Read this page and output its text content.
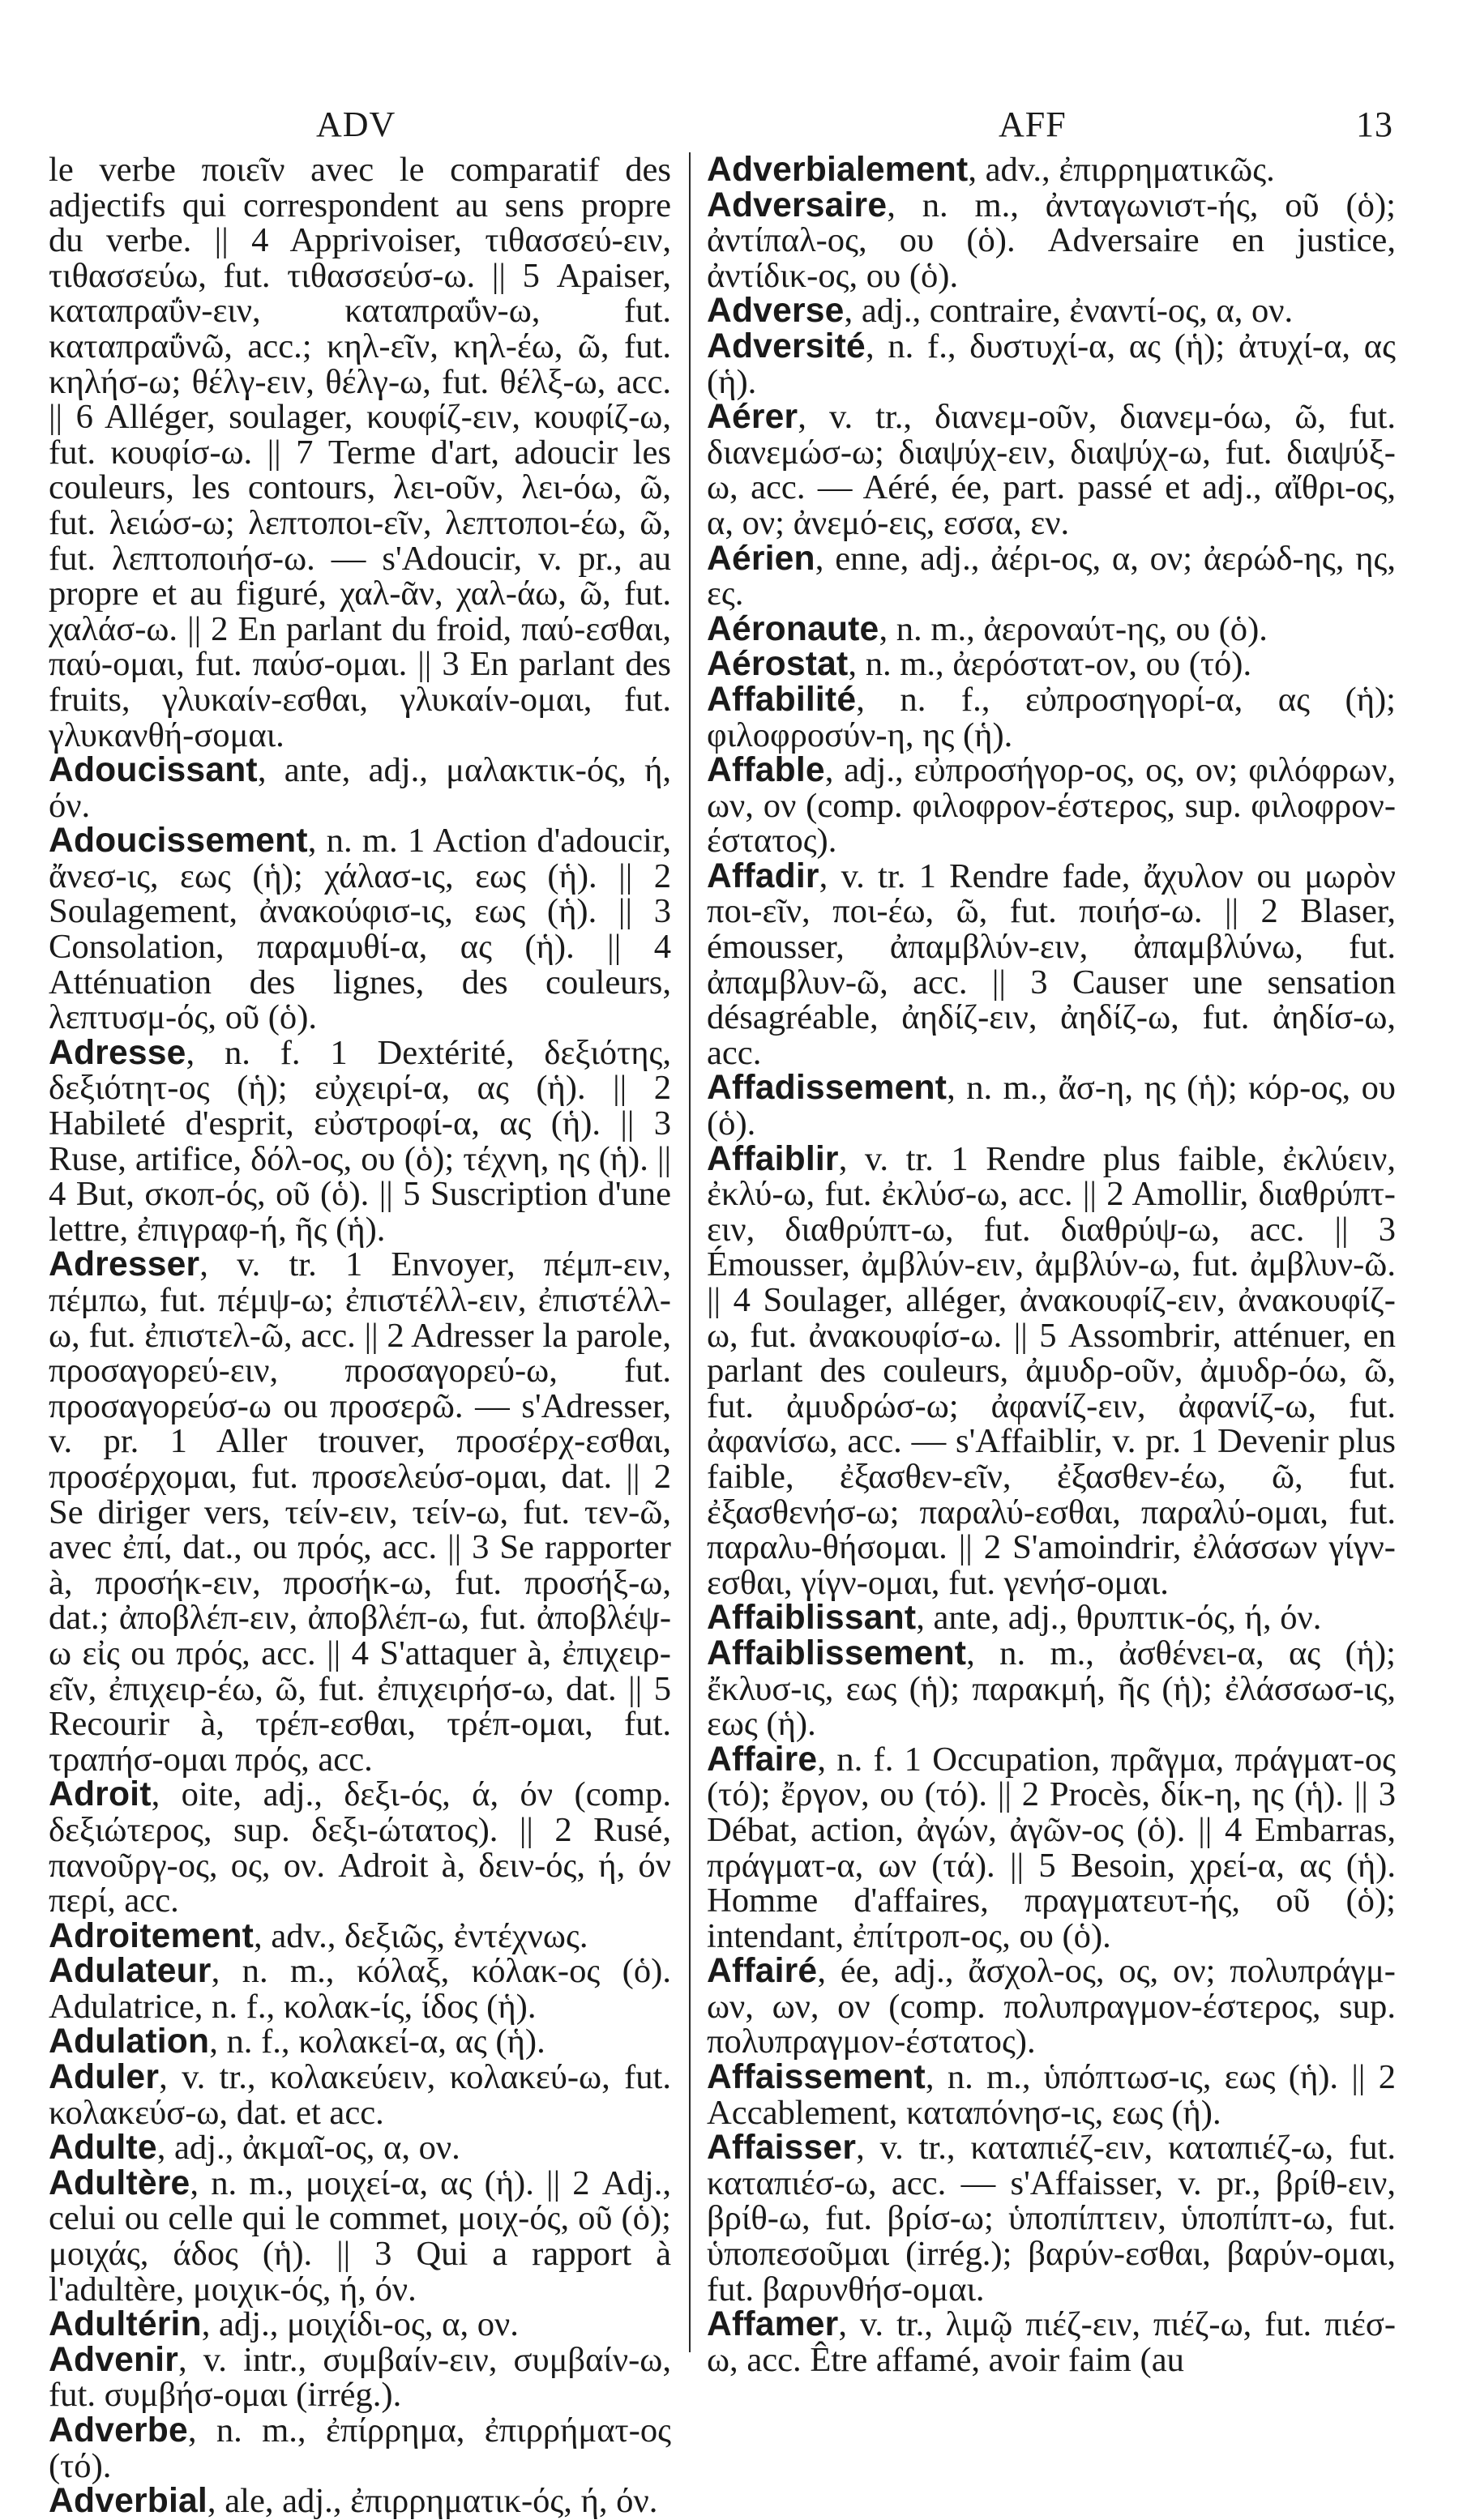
ADV	AFF	13

le verbe ποιεῖν avec le comparatif des adjectifs qui correspondent au sens propre du verbe. || 4 Apprivoiser, τιθασσεύ-ειν, τιθασσεύω, fut. τιθασσεύσ-ω. || 5 Apaiser, καταπραΰν-ειν, καταπραΰν-ω, fut. καταπραΰνῶ, acc.; κηλ-εῖν, κηλ-έω, ῶ, fut. κηλήσ-ω; θέλγ-ειν, θέλγ-ω, fut. θέλξ-ω, acc. || 6 Alléger, soulager, κουφίζ-ειν, κουφίζ-ω, fut. κουφίσ-ω. || 7 Terme d'art, adoucir les couleurs, les contours, λει-οῦν, λει-όω, ῶ, fut. λειώσ-ω; λεπτοποι-εῖν, λεπτοποι-έω, ῶ, fut. λεπτοποιήσ-ω. — s'Adoucir, v. pr., au propre et au figuré, χαλ-ᾶν, χαλ-άω, ῶ, fut. χαλάσ-ω. || 2 En parlant du froid, παύ-εσθαι, παύ-ομαι, fut. παύσ-ομαι. || 3 En parlant des fruits, γλυκαίν-εσθαι, γλυκαίν-ομαι, fut. γλυκανθή-σομαι.

Adoucissant, ante, adj., μαλακτικ-ός, ή, όν.

Adoucissement, n. m. 1 Action d'adoucir, ἄνεσ-ις, εως (ἡ); χάλασ-ις, εως (ἡ). || 2 Soulagement, ἀνακούφισ-ις, εως (ἡ). || 3 Consolation, παραμυθί-α, ας (ἡ). || 4 Atténuation des lignes, des couleurs, λεπτυσμ-ός, οῦ (ὁ).

Adresse, n. f. 1 Dextérité, δεξιότης, δεξιότητ-ος (ἡ); εὐχειρί-α, ας (ἡ). || 2 Habileté d'esprit, εὐστροφί-α, ας (ἡ). || 3 Ruse, artifice, δόλ-ος, ου (ὁ); τέχνη, ης (ἡ). || 4 But, σκοπ-ός, οῦ (ὁ). || 5 Suscription d'une lettre, ἐπιγραφ-ή, ῆς (ἡ).

Adresser, v. tr. 1 Envoyer, πέμπ-ειν, πέμπω, fut. πέμψ-ω; ἐπιστέλλ-ειν, ἐπιστέλλ-ω, fut. ἐπιστελ-ῶ, acc. || 2 Adresser la parole, προσαγορεύ-ειν, προσαγορεύ-ω, fut. προσαγορεύσ-ω ou προσερῶ. — s'Adresser, v. pr. 1 Aller trouver, προσέρχ-εσθαι, προσέρχομαι, fut. προσελεύσ-ομαι, dat. || 2 Se diriger vers, τείν-ειν, τείν-ω, fut. τεν-ῶ, avec ἐπί, dat., ou πρός, acc. || 3 Se rapporter à, προσήκ-ειν, προσήκ-ω, fut. προσήξ-ω, dat.; ἀποβλέπ-ειν, ἀποβλέπ-ω, fut. ἀποβλέψ-ω εἰς ou πρός, acc. || 4 S'attaquer à, ἐπιχειρ-εῖν, ἐπιχειρ-έω, ῶ, fut. ἐπιχειρήσ-ω, dat. || 5 Recourir à, τρέπ-εσθαι, τρέπ-ομαι, fut. τραπήσ-ομαι πρός, acc.

Adroit, oite, adj., δεξι-ός, ά, όν (comp. δεξιώτερος, sup. δεξι-ώτατος). || 2 Rusé, πανοῦργ-ος, ος, ον. Adroit à, δειν-ός, ή, όν περί, acc.

Adroitement, adv., δεξιῶς, ἐντέχνως.

Adulateur, n. m., κόλαξ, κόλακ-ος (ὁ). Adulatrice, n. f., κολακ-ίς, ίδος (ἡ).

Adulation, n. f., κολακεί-α, ας (ἡ).

Aduler, v. tr., κολακεύειν, κολακεύ-ω, fut. κολακεύσ-ω, dat. et acc.

Adulte, adj., ἀκμαῖ-ος, α, ον.

Adultère, n. m., μοιχεί-α, ας (ἡ). || 2 Adj., celui ou celle qui le commet, μοιχ-ός, οῦ (ὁ); μοιχάς, άδος (ἡ). || 3 Qui a rapport à l'adultère, μοιχικ-ός, ή, όν.

Adultérin, adj., μοιχίδι-ος, α, ον.

Advenir, v. intr., συμβαίν-ειν, συμβαίν-ω, fut. συμβήσ-ομαι (irrég.).

Adverbe, n. m., ἐπίρρημα, ἐπιρρήματ-ος (τό).

Adverbial, ale, adj., ἐπιρρηματικ-ός, ή, όν.

Adverbialement, adv., ἐπιρρηματικῶς.

Adversaire, n. m., ἀνταγωνιστ-ής, οῦ (ὁ); ἀντίπαλ-ος, ου (ὁ). Adversaire en justice, ἀντίδικ-ος, ου (ὁ).

Adverse, adj., contraire, ἐναντί-ος, α, ον.

Adversité, n. f., δυστυχί-α, ας (ἡ); ἀτυχί-α, ας (ἡ).

Aérer, v. tr., διανεμ-οῦν, διανεμ-όω, ῶ, fut. διανεμώσ-ω; διαψύχ-ειν, διαψύχ-ω, fut. διαψύξ-ω, acc. — Aéré, ée, part. passé et adj., αἴθρι-ος, α, ον; ἀνεμό-εις, εσσα, εν.

Aérien, enne, adj., ἀέρι-ος, α, ον; ἀερώδ-ης, ης, ες.

Aéronaute, n. m., ἀεροναύτ-ης, ου (ὁ).

Aérostat, n. m., ἀερόστατ-ον, ου (τό).

Affabilité, n. f., εὐπροσηγορί-α, ας (ἡ); φιλοφροσύν-η, ης (ἡ).

Affable, adj., εὐπροσήγορ-ος, ος, ον; φιλόφρων, ων, ον (comp. φιλοφρον-έστερος, sup. φιλοφρον-έστατος).

Affadir, v. tr. 1 Rendre fade, ἄχυλον ou μωρὸν ποι-εῖν, ποι-έω, ῶ, fut. ποιήσ-ω. || 2 Blaser, émousser, ἀπαμβλύν-ειν, ἀπαμβλύνω, fut. ἀπαμβλυν-ῶ, acc. || 3 Causer une sensation désagréable, ἀηδίζ-ειν, ἀηδίζ-ω, fut. ἀηδίσ-ω, acc.

Affadissement, n. m., ἄσ-η, ης (ἡ); κόρ-ος, ου (ὁ).

Affaiblir, v. tr. 1 Rendre plus faible, ἐκλύειν, ἐκλύ-ω, fut. ἐκλύσ-ω, acc. || 2 Amollir, διαθρύπτ-ειν, διαθρύπτ-ω, fut. διαθρύψ-ω, acc. || 3 Émousser, ἀμβλύν-ειν, ἀμβλύν-ω, fut. ἀμβλυν-ῶ. || 4 Soulager, alléger, ἀνακουφίζ-ειν, ἀνακουφίζ-ω, fut. ἀνακουφίσ-ω. || 5 Assombrir, atténuer, en parlant des couleurs, ἀμυδρ-οῦν, ἀμυδρ-όω, ῶ, fut. ἀμυδρώσ-ω; ἀφανίζ-ειν, ἀφανίζ-ω, fut. ἀφανίσω, acc. — s'Affaiblir, v. pr. 1 Devenir plus faible, ἐξασθεν-εῖν, ἐξασθεν-έω, ῶ, fut. ἐξασθενήσ-ω; παραλύ-εσθαι, παραλύ-ομαι, fut. παραλυ-θήσομαι. || 2 S'amoindrir, ἐλάσσων γίγν-εσθαι, γίγν-ομαι, fut. γενήσ-ομαι.

Affaiblissant, ante, adj., θρυπτικ-ός, ή, όν.

Affaiblissement, n. m., ἀσθένει-α, ας (ἡ); ἔκλυσ-ις, εως (ἡ); παρακμή, ῆς (ἡ); ἐλάσσωσ-ις, εως (ἡ).

Affaire, n. f. 1 Occupation, πρᾶγμα, πράγματ-ος (τό); ἔργον, ου (τό). || 2 Procès, δίκ-η, ης (ἡ). || 3 Débat, action, ἀγών, ἀγῶν-ος (ὁ). || 4 Embarras, πράγματ-α, ων (τά). || 5 Besoin, χρεί-α, ας (ἡ). Homme d'affaires, πραγματευτ-ής, οῦ (ὁ); intendant, ἐπίτροπ-ος, ου (ὁ).

Affairé, ée, adj., ἄσχολ-ος, ος, ον; πολυπράγμ-ων, ων, ον (comp. πολυπραγμον-έστερος, sup. πολυπραγμον-έστατος).

Affaissement, n. m., ὑπόπτωσ-ις, εως (ἡ). || 2 Accablement, καταπόνησ-ις, εως (ἡ).

Affaisser, v. tr., καταπιέζ-ειν, καταπιέζ-ω, fut. καταπιέσ-ω, acc. — s'Affaisser, v. pr., βρίθ-ειν, βρίθ-ω, fut. βρίσ-ω; ὑποπίπτειν, ὑποπίπτ-ω, fut. ὑποπεσοῦμαι (irrég.); βαρύν-εσθαι, βαρύν-ομαι, fut. βαρυνθήσ-ομαι.

Affamer, v. tr., λιμῷ πιέζ-ειν, πιέζ-ω, fut. πιέσ-ω, acc. Être affamé, avoir faim (au
